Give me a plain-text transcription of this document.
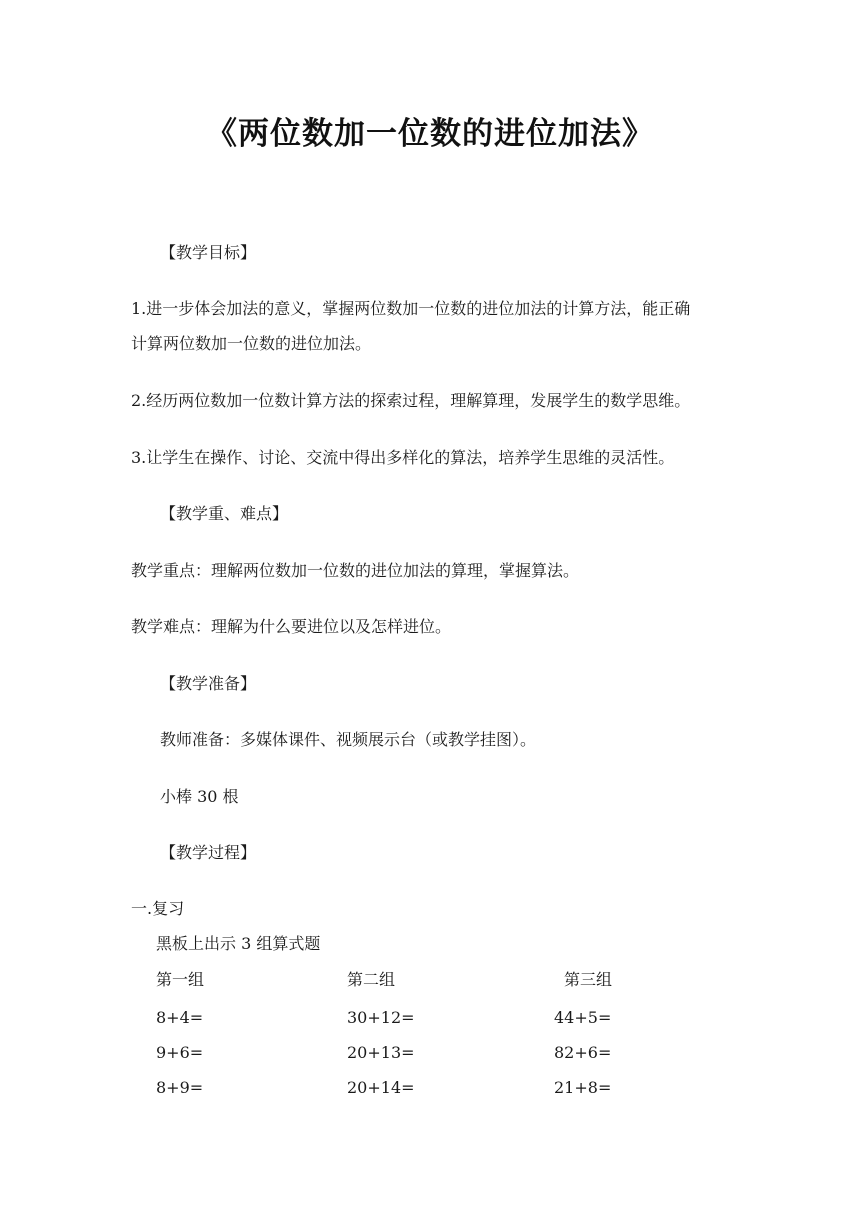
《两位数加一位数的进位加法》
【教学目标】
1.进一步体会加法的意义，掌握两位数加一位数的进位加法的计算方法，能正确
计算两位数加一位数的进位加法。
2.经历两位数加一位数计算方法的探索过程，理解算理，发展学生的数学思维。
3.让学生在操作、讨论、交流中得出多样化的算法，培养学生思维的灵活性。
【教学重、难点】
教学重点：理解两位数加一位数的进位加法的算理，掌握算法。
教学难点：理解为什么要进位以及怎样进位。
【教学准备】
教师准备：多媒体课件、视频展示台（或教学挂图）。
小棒 30 根
【教学过程】
一.复习
黑板上出示 3 组算式题
第一组	第二组	第三组
8+4=	30+12=	44+5=
9+6=	20+13=	82+6=
8+9=	20+14=	21+8=
